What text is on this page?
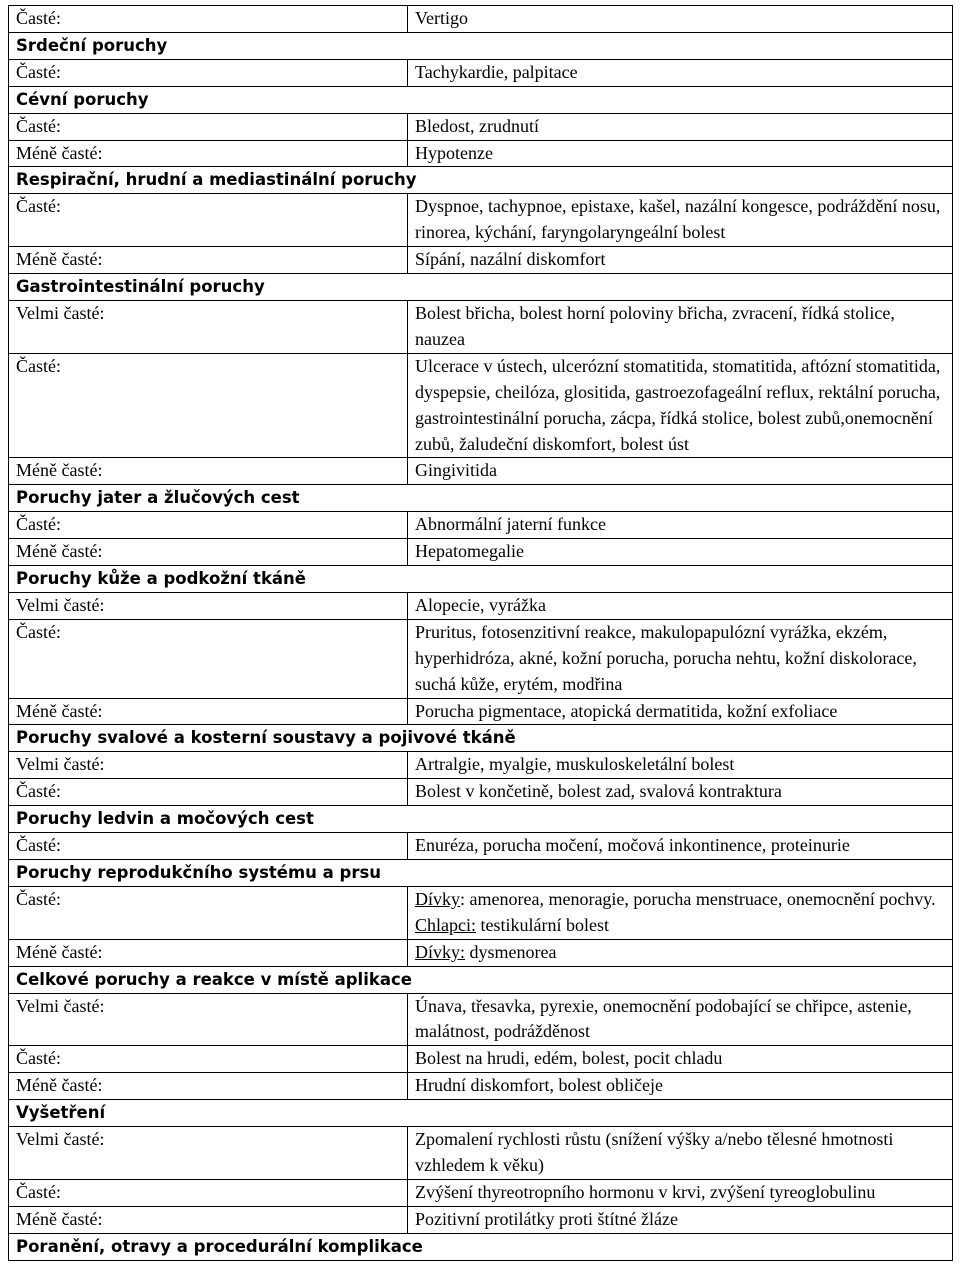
Časté:	Vertigo
Srdeční poruchy	
Časté:	Tachykardie, palpitace
Cévní poruchy	
Časté:	Bledost, zrudnutí
Méně časté:	Hypotenze
Respirační, hrudní a mediastinální poruchy	
Časté:	Dyspnoe, tachypnoe, epistaxe, kašel, nazální kongesce, podráždění nosu, rinorea, kýchání, faryngolaryngeální bolest
Méně časté:	Sípání, nazální diskomfort
Gastrointestinální poruchy	
Velmi časté:	Bolest břicha, bolest horní poloviny břicha, zvracení, řídká stolice, nauzea
Časté:	Ulcerace v ústech, ulcerózní stomatitida, stomatitida, aftózní stomatitida, dyspepsie, cheilóza, glositida, gastroezofageální reflux, rektální porucha, gastrointestinální porucha, zácpa, řídká stolice, bolest zubů,onemocnění zubů, žaludeční diskomfort, bolest úst
Méně časté:	Gingivitida
Poruchy jater a žlučových cest	
Časté:	Abnormální jaterní funkce
Méně časté:	Hepatomegalie
Poruchy kůže a podkožní tkáně	
Velmi časté:	Alopecie, vyrážka
Časté:	Pruritus, fotosenzitivní reakce, makulopapulózní vyrážka, ekzém, hyperhidróza, akné, kožní porucha, porucha nehtu, kožní diskolorace, suchá kůže, erytém, modřina
Méně časté:	Porucha pigmentace, atopická dermatitida, kožní exfoliace
Poruchy svalové a kosterní soustavy a pojivové tkáně	
Velmi časté:	Artralgie, myalgie, muskuloskeletální bolest
Časté:	Bolest v končetině, bolest zad, svalová kontraktura
Poruchy ledvin a močových cest	
Časté:	Enuréza, porucha močení, močová inkontinence, proteinurie
Poruchy reprodukčního systému a prsu	
Časté:	Dívky: amenorea, menoragie, porucha menstruace, onemocnění pochvy. Chlapci: testikulární bolest
Méně časté:	Dívky: dysmenorea
Celkové poruchy a reakce v místě aplikace	
Velmi časté:	Únava, třesavka, pyrexie, onemocnění podobající se chřipce, astenie, malátnost, podrážděnost
Časté:	Bolest na hrudi, edém, bolest, pocit chladu
Méně časté:	Hrudní diskomfort, bolest obličeje
Vyšetření	
Velmi časté:	Zpomalení rychlosti růstu (snížení výšky a/nebo tělesné hmotnosti vzhledem k věku)
Časté:	Zvýšení thyreotropního hormonu v krvi, zvýšení tyreoglobulinu
Méně časté:	Pozitivní protilátky proti štítné žláze
Poranění, otravy a procedurální komplikace	
